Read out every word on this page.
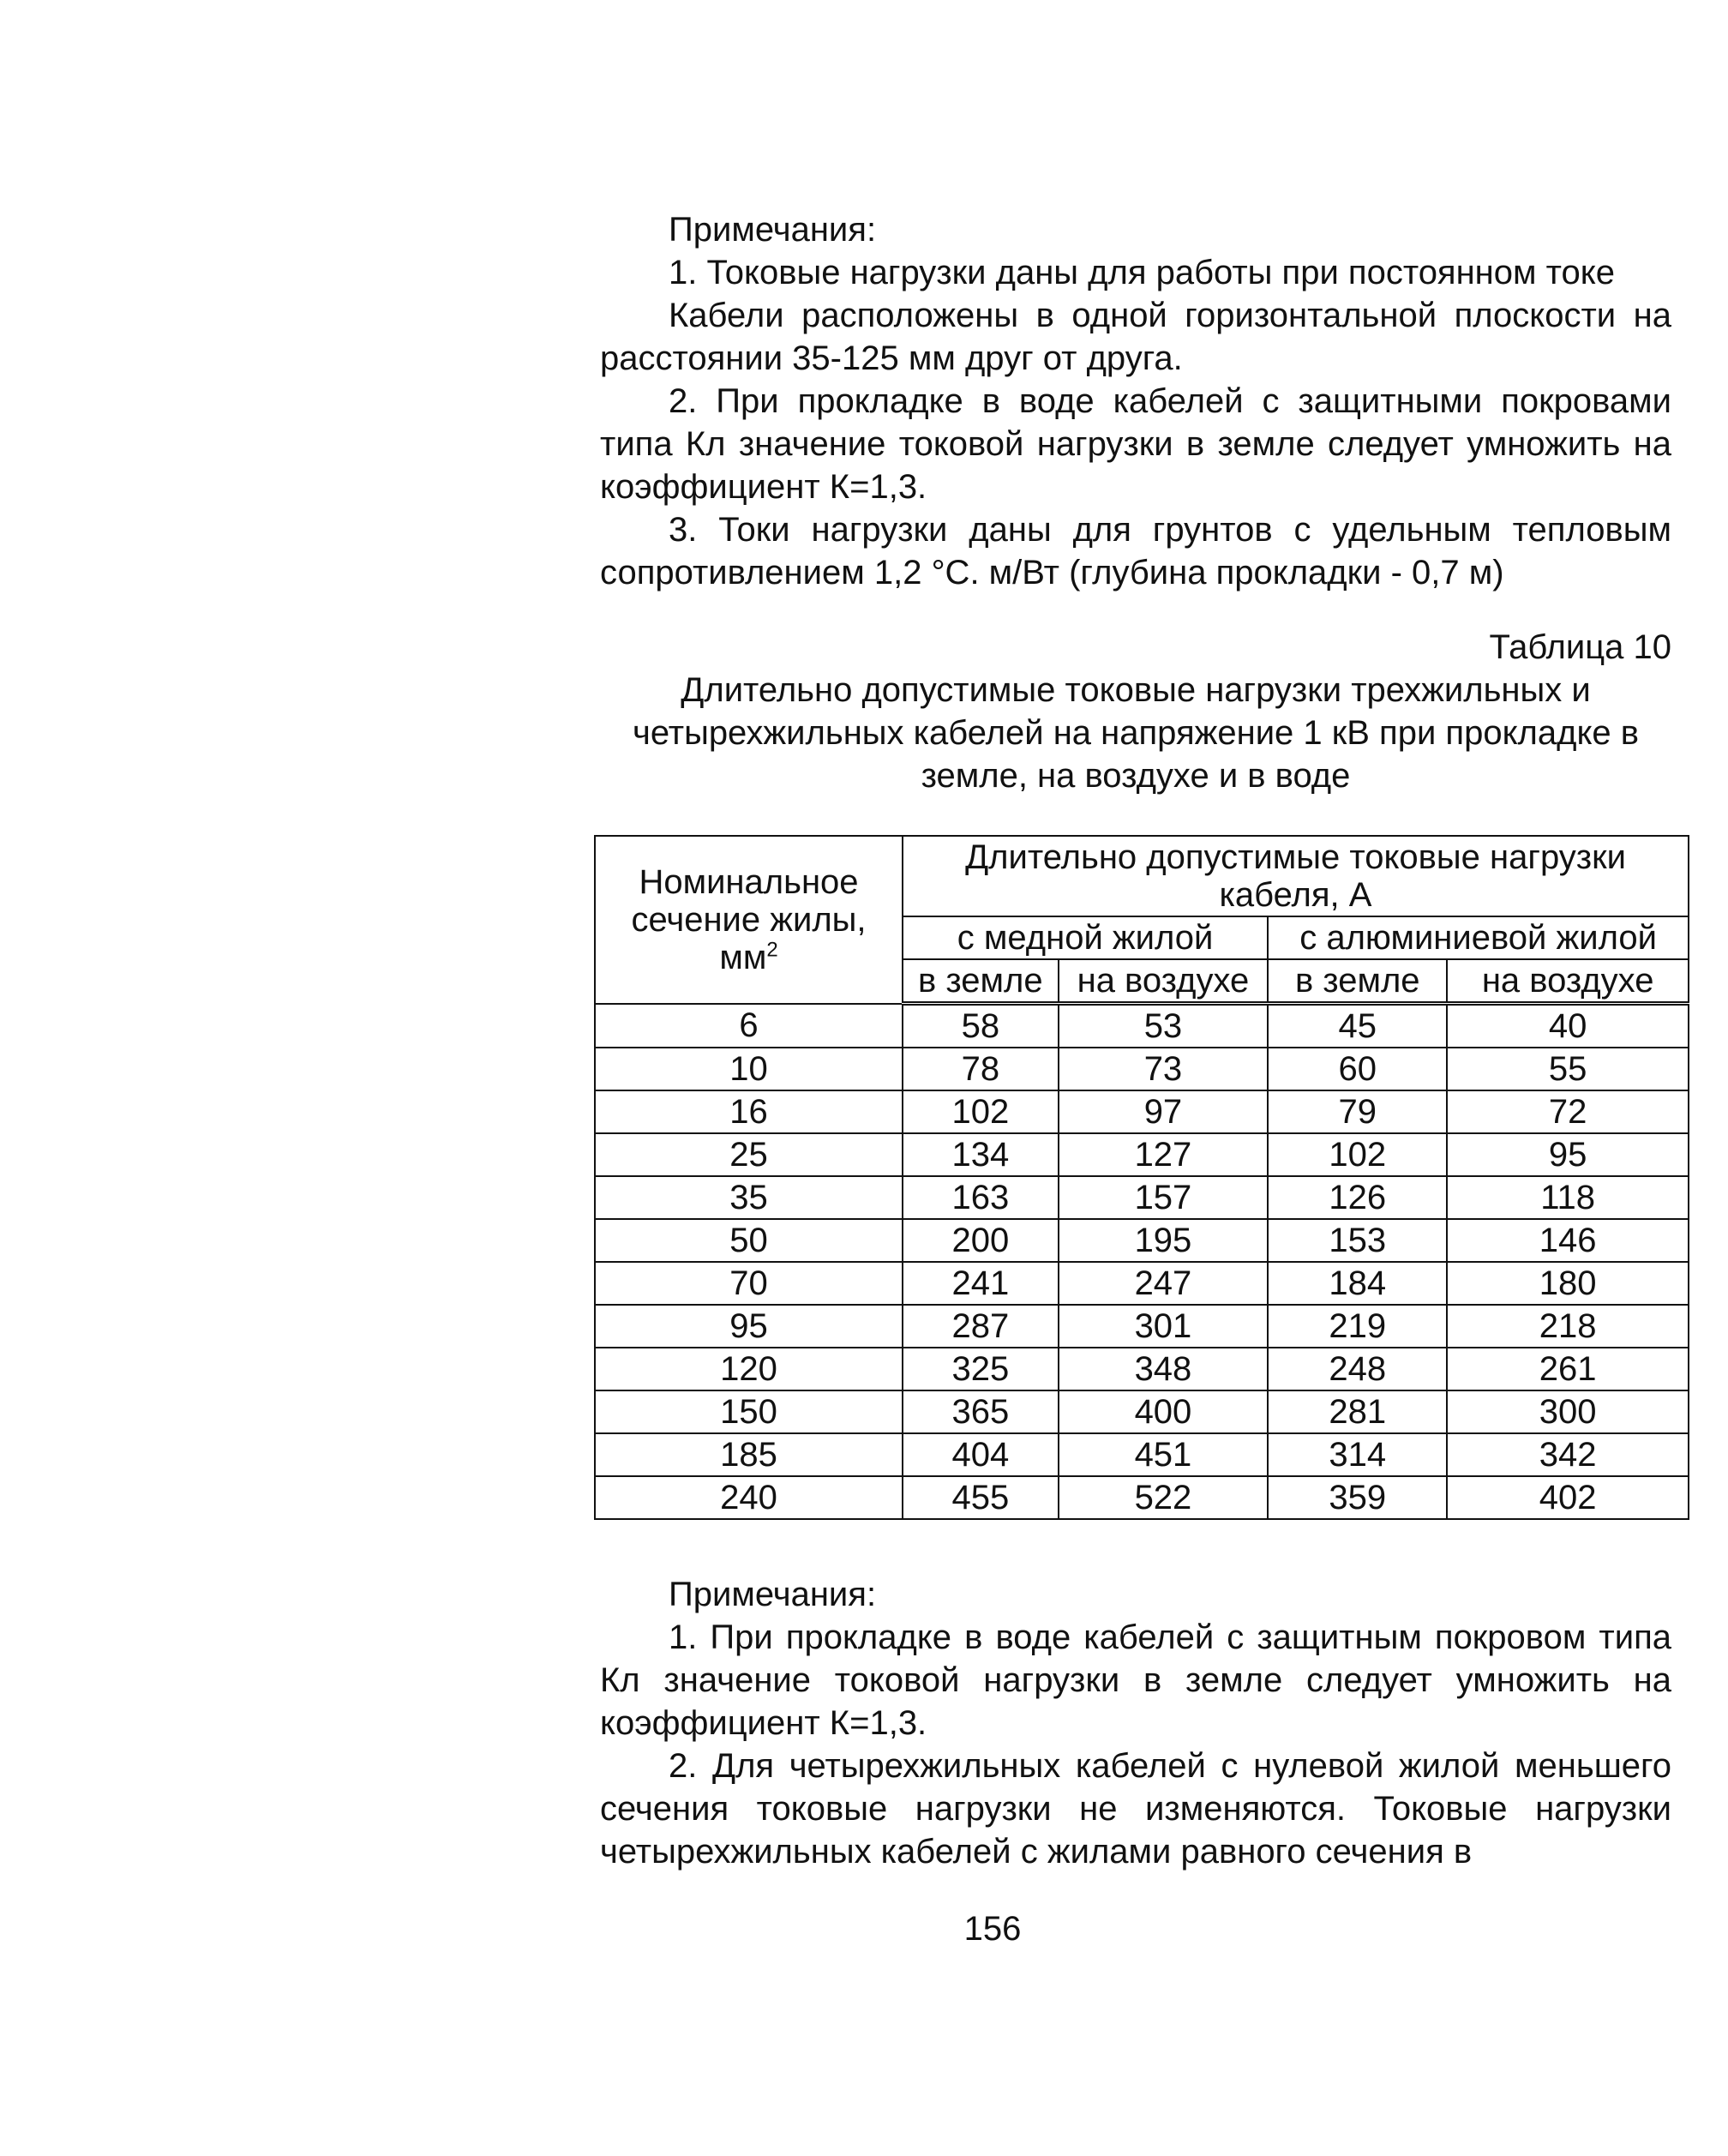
Примечания:
1. Токовые нагрузки даны для работы при постоянном токе
Кабели расположены в одной горизонтальной плоскости на расстоянии 35-125 мм друг от друга.
2. При прокладке в воде кабелей с защитными покровами типа Кл значение токовой нагрузки в земле следует умножить на коэффициент К=1,3.
3. Токи нагрузки даны для грунтов с удельным тепловым сопротивлением 1,2 °С. м/Вт (глубина прокладки - 0,7 м)
Таблица 10
Длительно допустимые токовые нагрузки трехжильных и четырехжильных кабелей на напряжение 1 кВ при прокладке в земле, на воздухе и в воде
Номинальное сечение жилы,
$мм^2$	Длительно допустимые токовые нагрузки кабеля, А			
	с медной жилой		с алюминиевой жилой	
	в земле	на воздухе	в земле	на воздухе
6	58	53	45	40
10	78	73	60	55
16	102	97	79	72
25	134	127	102	95
35	163	157	126	118
50	200	195	153	146
70	241	247	184	180
95	287	301	219	218
120	325	348	248	261
150	365	400	281	300
185	404	451	314	342
240	455	522	359	402
Примечания:
1. При прокладке в воде кабелей с защитным покровом типа Кл значение токовой нагрузки в земле следует умножить на коэффициент К=1,3.
2. Для четырехжильных кабелей с нулевой жилой меньшего сечения токовые нагрузки не изменяются. Токовые нагрузки четырехжильных кабелей с жилами равного сечения в
156
